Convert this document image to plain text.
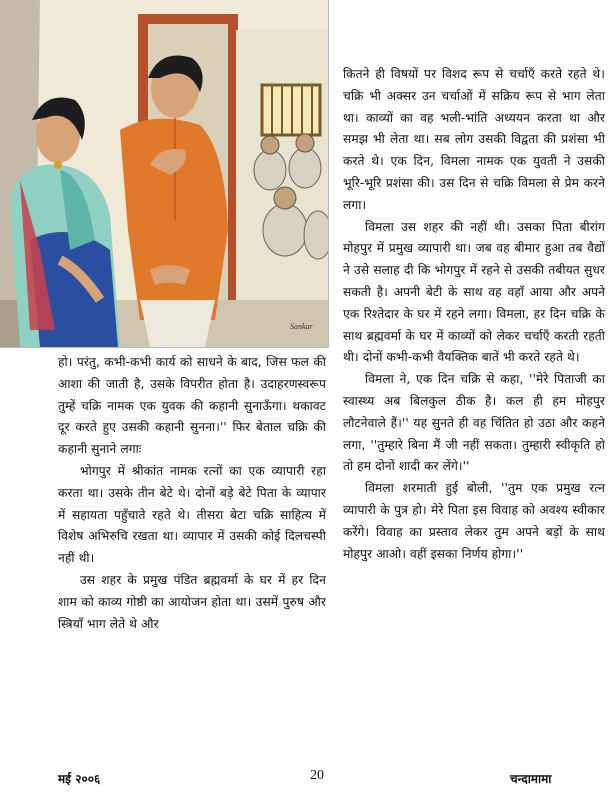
Sankar

हो। परंतु, कभी-कभी कार्य को साधने के बाद, जिस फल की आशा की जाती है, उसके विपरीत होता है। उदाहरणस्वरूप तुम्हें चक्रि नामक एक युवक की कहानी सुनाऊँगा। थकावट दूर करते हुए उसकी कहानी सुनना।'' फिर बेताल चक्रि की कहानी सुनाने लगाः

भोगपुर में श्रीकांत नामक रत्नों का एक व्यापारी रहा करता था। उसके तीन बेटे थे। दोनों बड़े बेटे पिता के व्यापार में सहायता पहुँचाते रहते थे। तीसरा बेटा चक्रि साहित्य में विशेष अभिरुचि रखता था। व्यापार में उसकी कोई दिलचस्पी नहीं थी।

उस शहर के प्रमुख पंडित ब्रह्मवर्मा के घर में हर दिन शाम को काव्य गोष्ठी का आयोजन होता था। उसमें पुरुष और स्त्रियाँ भाग लेते थे और

कितने ही विषयों पर विशद रूप से चर्चाएँ करते रहते थे। चक्रि भी अक्सर उन चर्चाओं में सक्रिय रूप से भाग लेता था। काव्यों का वह भली-भांति अध्ययन करता था और समझ भी लेता था। सब लोग उसकी विद्वता की प्रशंसा भी करते थे। एक दिन, विमला नामक एक युवती ने उसकी भूरि-भूरि प्रशंसा की। उस दिन से चक्रि विमला से प्रेम करने लगा।

विमला उस शहर की नहीं थी। उसका पिता बीरांग मोहपुर में प्रमुख व्यापारी था। जब वह बीमार हुआ तब वैद्यों ने उसे सलाह दी कि भोगपुर में रहने से उसकी तबीयत सुधर सकती है। अपनी बेटी के साथ वह वहाँ आया और अपने एक रिश्तेदार के घर में रहने लगा। विमला, हर दिन चक्रि के साथ ब्रह्मवर्मा के घर में काव्यों को लेकर चर्चाएँ करती रहती थी। दोनों कभी-कभी वैयक्तिक बातें भी करते रहते थे।

विमला ने, एक दिन चक्रि से कहा, ''मेरे पिताजी का स्वास्थ्य अब बिलकुल ठीक है। कल ही हम मोहपुर लौटनेवाले हैं।'' यह सुनते ही वह चिंतित हो उठा और कहने लगा, ''तुम्हारे बिना मैं जी नहीं सकता। तुम्हारी स्वीकृति हो तो हम दोनों शादी कर लेंगे।''

विमला शरमाती हुई बोली, ''तुम एक प्रमुख रत्न व्यापारी के पुत्र हो। मेरे पिता इस विवाह को अवश्य स्वीकार करेंगे। विवाह का प्रस्ताव लेकर तुम अपने बड़ों के साथ मोहपुर आओ। वहीं इसका निर्णय होगा।''

मई २००६	20	चन्दामामा
